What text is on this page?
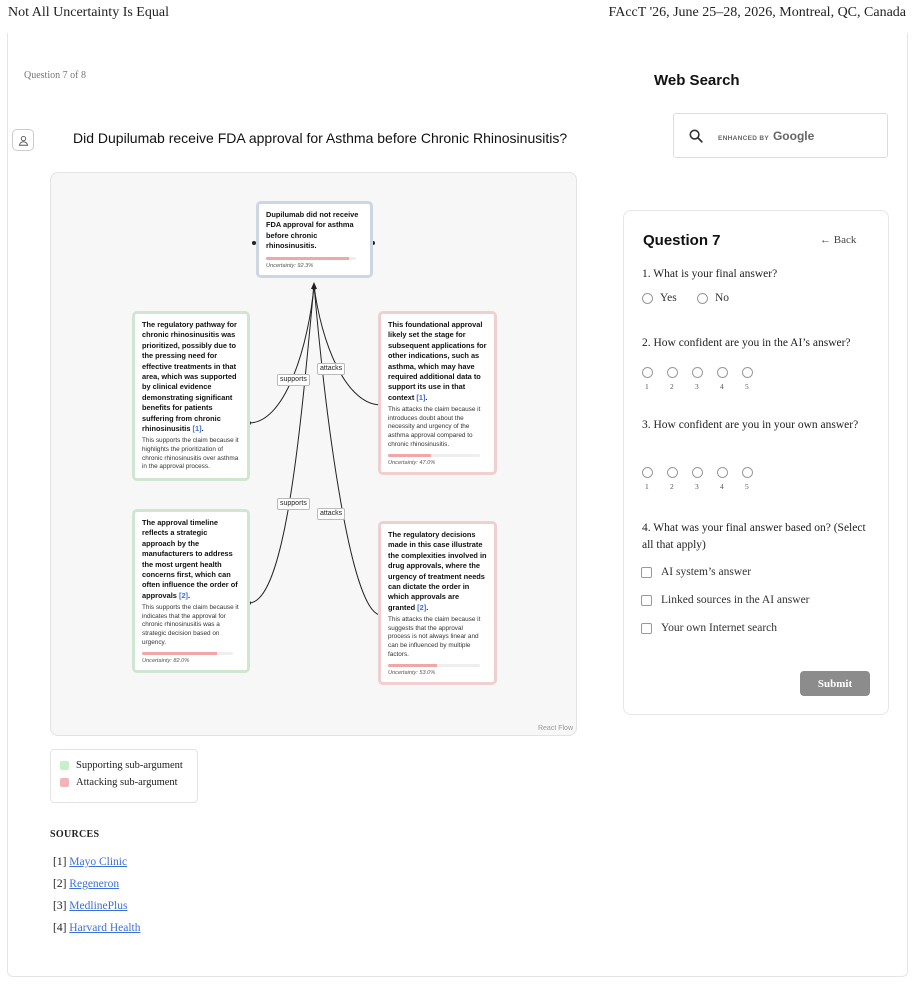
Not All Uncertainty Is Equal	FAccT '26, June 25–28, 2026, Montreal, QC, Canada
Question 7 of 8
Did Dupilumab receive FDA approval for Asthma before Chronic Rhinosinusitis?
Dupilumab did not receive FDA approval for asthma before chronic rhinosinusitis.
Uncertainty: 92.3%
The regulatory pathway for chronic rhinosinusitis was prioritized, possibly due to the pressing need for effective treatments in that area, which was supported by clinical evidence demonstrating significant benefits for patients suffering from chronic rhinosinusitis [1].
This supports the claim because it highlights the prioritization of chronic rhinosinusitis over asthma in the approval process.
This foundational approval likely set the stage for subsequent applications for other indications, such as asthma, which may have required additional data to support its use in that context [1].
This attacks the claim because it introduces doubt about the necessity and urgency of the asthma approval compared to chronic rhinosinusitis.
Uncertainty: 47.0%
The approval timeline reflects a strategic approach by the manufacturers to address the most urgent health concerns first, which can often influence the order of approvals [2].
This supports the claim because it indicates that the approval for chronic rhinosinusitis was a strategic decision based on urgency.
Uncertainty: 82.0%
The regulatory decisions made in this case illustrate the complexities involved in drug approvals, where the urgency of treatment needs can dictate the order in which approvals are granted [2].
This attacks the claim because it suggests that the approval process is not always linear and can be influenced by multiple factors.
Uncertainty: 53.0%
supports
attacks
supports
attacks
React Flow
Supporting sub-argument
Attacking sub-argument
SOURCES
[1] Mayo Clinic
[2] Regeneron
[3] MedlinePlus
[4] Harvard Health
Web Search
ENHANCED BY Google
Question 7	← Back
1. What is your final answer?
Yes	No
2. How confident are you in the AI’s answer?
1	2	3	4	5
3. How confident are you in your own answer?
1	2	3	4	5
4. What was your final answer based on? (Select all that apply)
AI system’s answer
Linked sources in the AI answer
Your own Internet search
Submit
